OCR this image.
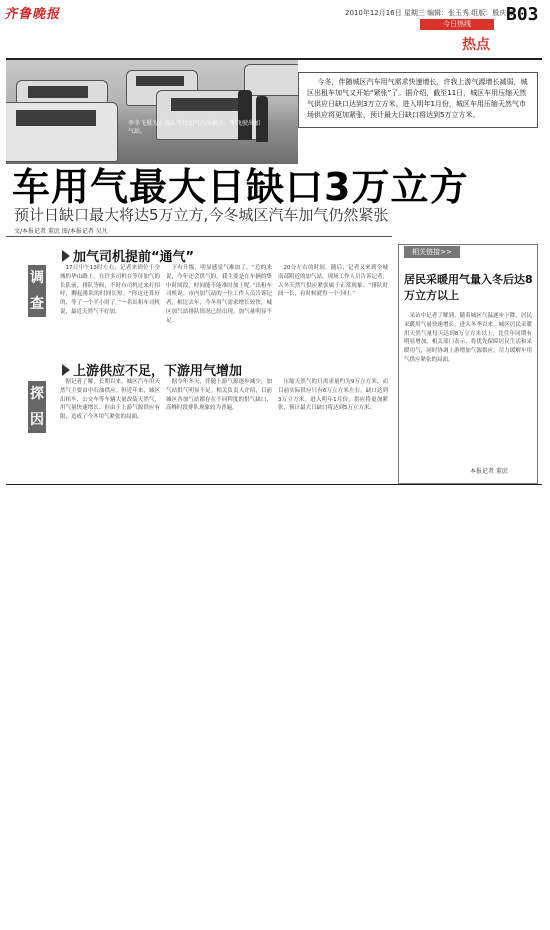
齐鲁晚报	2010年12月16日 星期三 编辑：张玉秀 组版：殷庆海
B03
今日热线
热点
李冬飞摄为正排队等待加气的出租车。明飞驶出加气站。

今冬，伴随城区汽车用气需求快速增长，许我上游气源增长减弱，城区出租车加气又开始“紧张”了。据介绍，截至11日，城区车用压缩天然气供应日缺口达到3万立方米。进入明年1月份，城区车用压缩天然气市场供应将更加紧张，预计最大日缺口将达到5万立方米。

车用气最大日缺口3万立方
预计日缺口最大将达5万立方,今冬城区汽车加气仍然紧张
文/本报记者 董庶 图/本报记者 吴凡
加气司机提前“通气”
调
查
17日中午13时左右，记者来到位于全城的华山路上。在许多司机在等待加气的长队前，排队等候，不时有司机过来打招呼，聊起排队的时间长短。“你这还算好的，等了一个半小时了。”一名出租车司机说，最近天然气不好加。
下有升级，明显感觉气难加了。“总的来说，今年还会供气的，我主要是在车辆的集中时间段，时间能不能准时加上呢。”出租车司机说。市内加气站的一位工作人员告诉记者，相比去年，今冬用气需求增长较快，城区加气站排队情况已经出现，加气量明显不足。
20分左右的时间。随后，记者又来到全城南部附近的加气站，现场工作人员告诉记者，入冬天然气供应紧张属于正常现象。“排队时间一长，有时候就得一个小时。”
上游供应不足，下游用气增加
探
因
据记者了解，长期以来，城区汽车用天然气主要由中石油供应。但近年来，城区出租车、公交车等车辆大量改装天然气，用气量快速增长。但由于上游气源供应有限，造成了今冬用气紧张的局面。
据今年冬天，伴随上游气源逐步减少，加气站供气明显不足。相关负责人介绍，目前城区各加气站都存在不同程度的供气缺口，高峰时段排队现象较为普遍。
压缩天然气的日需求量约为9万立方米，而目前实际供应只有6万立方米左右，缺口达到3万立方米。进入明年1月份，供应将更加紧张，预计最大日缺口将达到5万立方米。
相关链接>>
居民采暖用气量入冬后达8万立方以上
采访中记者了解到，随着城区气温逐步下降，居民采暖用气量快速增长。进入冬季以来，城区居民采暖用天然气量每天达到8万立方米以上，比往年同期有明显增加。相关部门表示，将优先保障居民生活和采暖用气，同时协调上游增加气源供应，尽力缓解车用气供应紧张的局面。
本报记者 董庶
